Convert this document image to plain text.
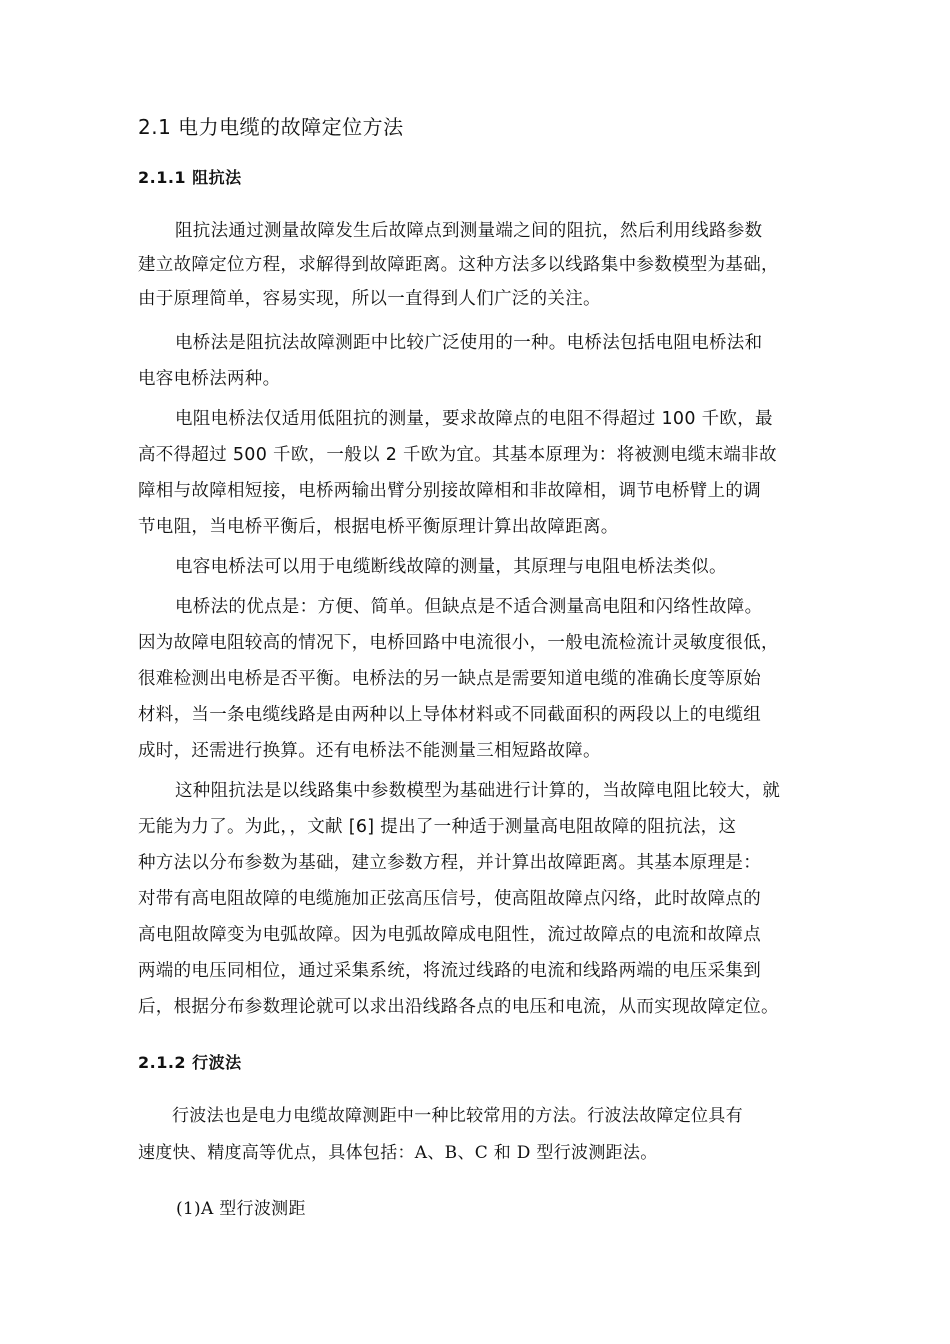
2.1 电力电缆的故障定位方法
2.1.1 阻抗法
阻抗法通过测量故障发生后故障点到测量端之间的阻抗，然后利用线路参数
建立故障定位方程，求解得到故障距离。这种方法多以线路集中参数模型为基础，
由于原理简单，容易实现，所以一直得到人们广泛的关注。
电桥法是阻抗法故障测距中比较广泛使用的一种。电桥法包括电阻电桥法和
电容电桥法两种。
电阻电桥法仅适用低阻抗的测量，要求故障点的电阻不得超过 100 千欧，最
高不得超过 500 千欧，一般以 2 千欧为宜。其基本原理为：将被测电缆末端非故
障相与故障相短接，电桥两输出臂分别接故障相和非故障相，调节电桥臂上的调
节电阻，当电桥平衡后，根据电桥平衡原理计算出故障距离。
电容电桥法可以用于电缆断线故障的测量，其原理与电阻电桥法类似。
电桥法的优点是：方便、简单。但缺点是不适合测量高电阻和闪络性故障。
因为故障电阻较高的情况下，电桥回路中电流很小，一般电流检流计灵敏度很低，
很难检测出电桥是否平衡。电桥法的另一缺点是需要知道电缆的准确长度等原始
材料，当一条电缆线路是由两种以上导体材料或不同截面积的两段以上的电缆组
成时，还需进行换算。还有电桥法不能测量三相短路故障。
这种阻抗法是以线路集中参数模型为基础进行计算的，当故障电阻比较大，就
无能为力了。为此，，文献 [6] 提出了一种适于测量高电阻故障的阻抗法，这
种方法以分布参数为基础，建立参数方程，并计算出故障距离。其基本原理是：
对带有高电阻故障的电缆施加正弦高压信号，使高阻故障点闪络，此时故障点的
高电阻故障变为电弧故障。因为电弧故障成电阻性，流过故障点的电流和故障点
两端的电压同相位，通过采集系统，将流过线路的电流和线路两端的电压采集到
后，根据分布参数理论就可以求出沿线路各点的电压和电流，从而实现故障定位。
2.1.2 行波法
行波法也是电力电缆故障测距中一种比较常用的方法。行波法故障定位具有
速度快、精度高等优点，具体包括：A、B、C 和 D 型行波测距法。
(1)A 型行波测距
